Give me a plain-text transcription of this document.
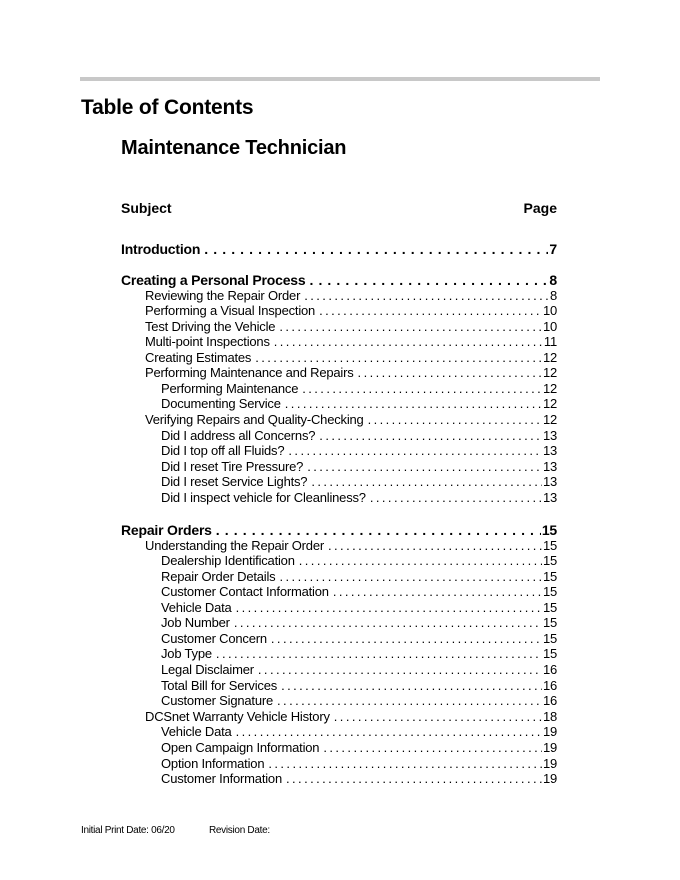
Table of Contents
Maintenance Technician
Subject	Page
Introduction . . .	7
Creating a Personal Process . . .	8
Reviewing the Repair Order . . .	8
Performing a Visual Inspection . . .	10
Test Driving the Vehicle . . .	10
Multi-point Inspections . . .	11
Creating Estimates . . .	12
Performing Maintenance and Repairs . . .	12
Performing Maintenance . . .	12
Documenting Service . . .	12
Verifying Repairs and Quality-Checking . . .	12
Did I address all Concerns? . . .	13
Did I top off all Fluids? . . .	13
Did I reset Tire Pressure? . . .	13
Did I reset Service Lights? . . .	13
Did I inspect vehicle for Cleanliness? . . .	13
Repair Orders . . .	15
Understanding the Repair Order . . .	15
Dealership Identification . . .	15
Repair Order Details . . .	15
Customer Contact Information . . .	15
Vehicle Data . . .	15
Job Number . . .	15
Customer Concern . . .	15
Job Type . . .	15
Legal Disclaimer . . .	16
Total Bill for Services . . .	16
Customer Signature . . .	16
DCSnet Warranty Vehicle History . . .	18
Vehicle Data . . .	19
Open Campaign Information . . .	19
Option Information . . .	19
Customer Information . . .	19
Initial Print Date: 06/20	Revision Date:
